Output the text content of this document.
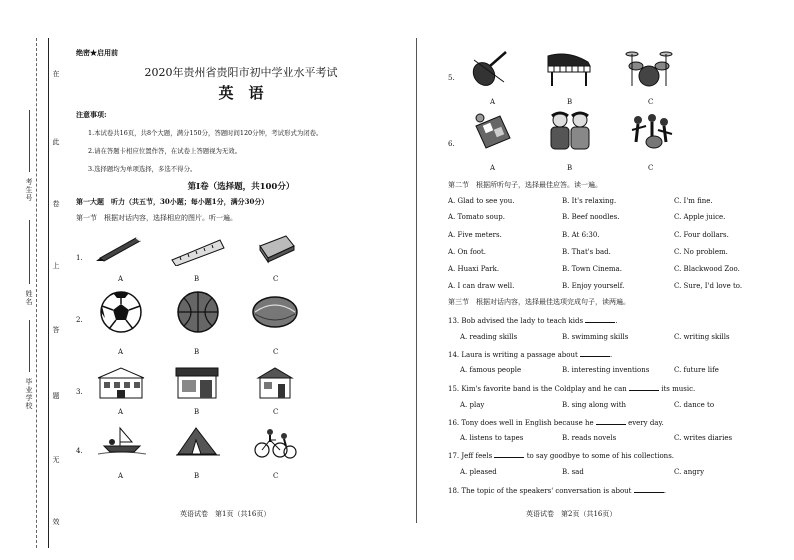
在
此
卷
上
答
题
无
效
考生号
姓名
毕业学校
绝密★启用前
2020年贵州省贵阳市初中学业水平考试
英　语
注意事项:
1.本试卷共16页，共8个大题，满分150分，答题时间120分钟，考试形式为闭卷。
2.请在答题卡相应位置作答，在试卷上答题视为无效。
3.选择题均为单项选择，多选不得分。
第Ⅰ卷（选择题，共100分）
第一大题　听力（共五节，30小题；每小题1分，满分30分）
第一节　根据对话内容，选择相应的图片。听一遍。
1.
A	B	C
2.
A	B	C
3.
A	B	C
4.
A	B	C
英语试卷　第1页（共16页）
5.
A	B	C
6.
A	B	C
第二节　根据所听句子，选择最佳应答。读一遍。
A. Glad to see you.	B. It's relaxing.	C. I'm fine.
A. Tomato soup.	B. Beef noodles.	C. Apple juice.
A. Five meters.	B. At 6:30.	C. Four dollars.
A. On foot.	B. That's bad.	C. No problem.
A. Huaxi Park.	B. Town Cinema.	C. Blackwood Zoo.
A. I can draw well.	B. Enjoy yourself.	C. Sure, I'd love to.
第三节　根据对话内容，选择最佳选项完成句子，读两遍。
13. Bob advised the lady to teach kids	.
A. reading skills	B. swimming skills	C. writing skills
14. Laura is writing a passage about	.
A. famous people	B. interesting inventions	C. future life
15. Kim's favorite band is the Coldplay and he can	its music.
A. play	B. sing along with	C. dance to
16. Tony does well in English because he	every day.
A. listens to tapes	B. reads novels	C. writes diaries
17. Jeff feels	to say goodbye to some of his collections.
A. pleased	B. sad	C. angry
18. The topic of the speakers' conversation is about	.
英语试卷　第2页（共16页）
